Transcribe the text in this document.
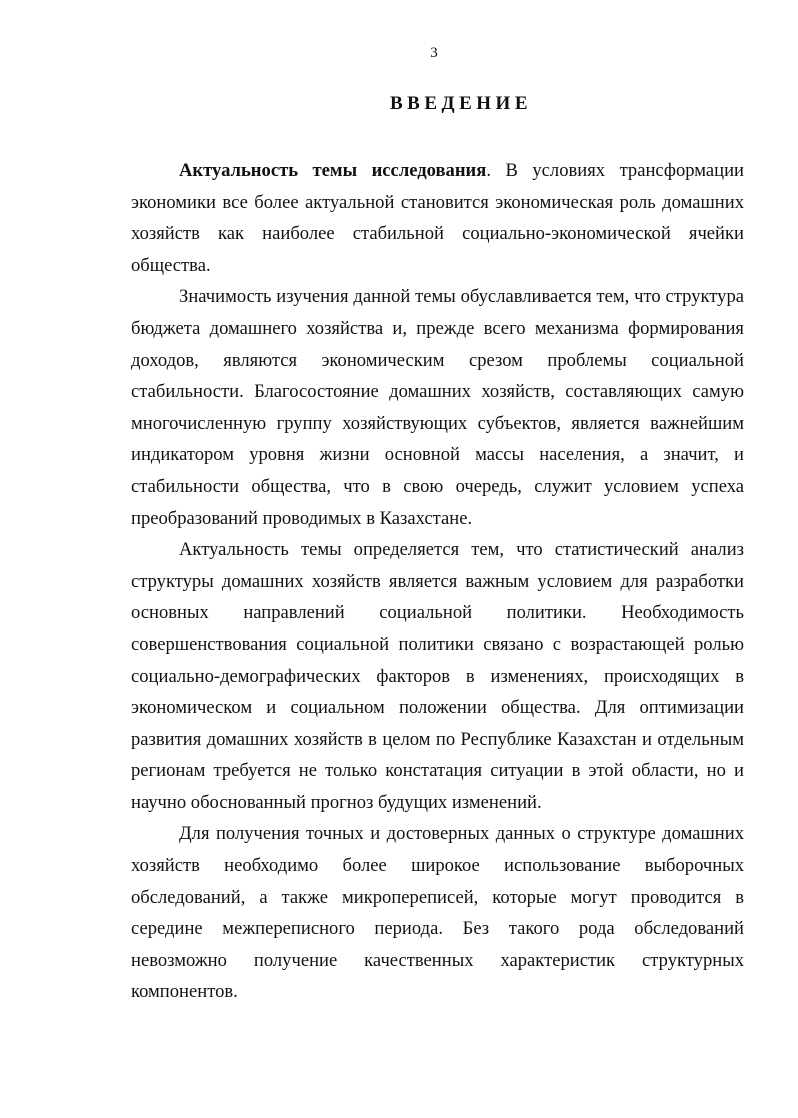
3
ВВЕДЕНИЕ

Актуальность темы исследования. В условиях трансформации экономики все более актуальной становится экономическая роль домашних хозяйств как наиболее стабильной социально-экономической ячейки общества.

Значимость изучения данной темы обуславливается тем, что структура бюджета домашнего хозяйства и, прежде всего механизма формирования доходов, являются экономическим срезом проблемы социальной стабильности. Благосостояние домашних хозяйств, составляющих самую многочисленную группу хозяйствующих субъектов, является важнейшим индикатором уровня жизни основной массы населения, а значит, и стабильности общества, что в свою очередь, служит условием успеха преобразований проводимых в Казахстане.

Актуальность темы определяется тем, что статистический анализ структуры домашних хозяйств является важным условием для разработки основных направлений социальной политики. Необходимость совершенствования социальной политики связано с возрастающей ролью социально-демографических факторов в изменениях, происходящих в экономическом и социальном положении общества. Для оптимизации развития домашних хозяйств в целом по Республике Казахстан и отдельным регионам требуется не только констатация ситуации в этой области, но и научно обоснованный прогноз будущих изменений.

Для получения точных и достоверных данных о структуре домашних хозяйств необходимо более широкое использование выборочных обследований, а также микропереписей, которые могут проводится в середине межпереписного периода. Без такого рода обследований невозможно получение качественных характеристик структурных компонентов.
